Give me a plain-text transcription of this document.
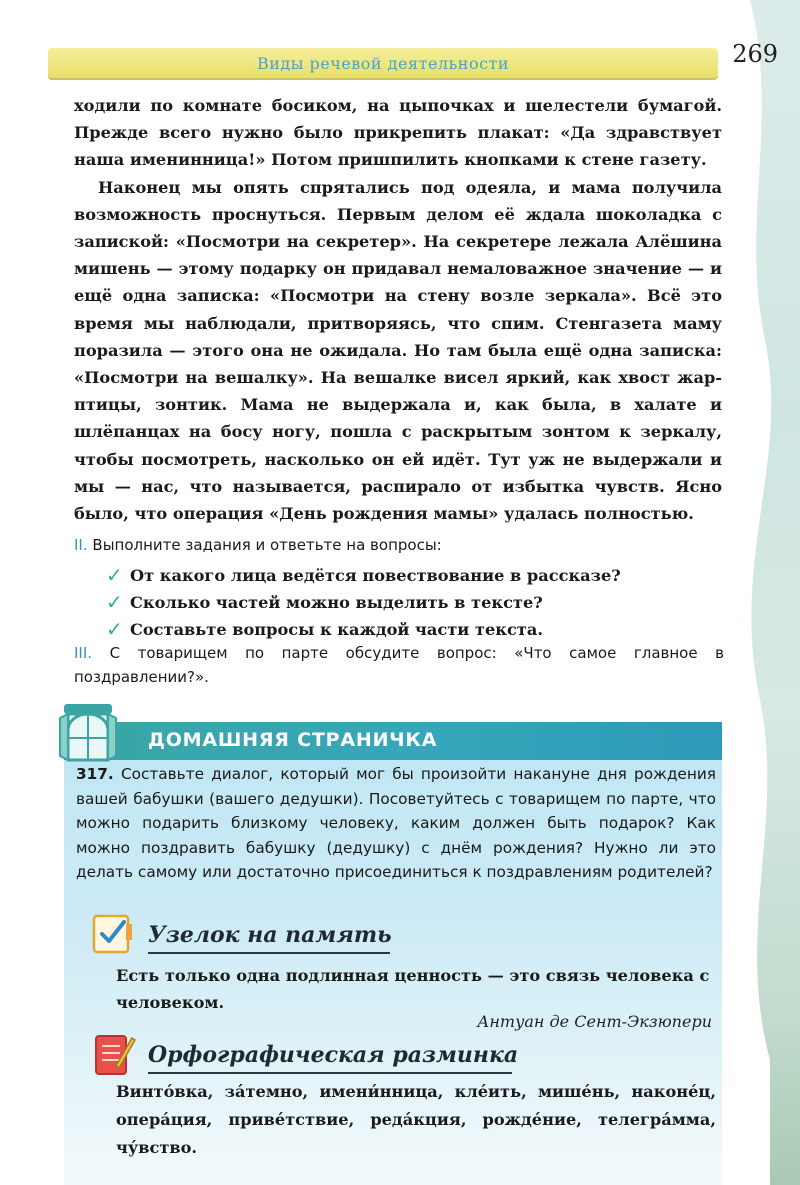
Виды речевой деятельности	269

ходили по комнате босиком, на цыпочках и шелестели бумагой. Прежде всего нужно было прикрепить плакат: «Да здравствует наша именинница!» Потом пришпилить кнопками к стене газету.

Наконец мы опять спрятались под одеяла, и мама получила возможность проснуться. Первым делом её ждала шоколадка с запиской: «Посмотри на секретер». На секретере лежала Алёшина мишень — этому подарку он придавал немаловажное значение — и ещё одна записка: «Посмотри на стену возле зеркала». Всё это время мы наблюдали, притворяясь, что спим. Стенгазета маму поразила — этого она не ожидала. Но там была ещё одна записка: «Посмотри на вешалку». На вешалке висел яркий, как хвост жар-птицы, зонтик. Мама не выдержала и, как была, в халате и шлёпанцах на босу ногу, пошла с раскрытым зонтом к зеркалу, чтобы посмотреть, насколько он ей идёт. Тут уж не выдержали и мы — нас, что называется, распирало от избытка чувств. Ясно было, что операция «День рождения мамы» удалась полностью.

II. Выполните задания и ответьте на вопросы:
✓ От какого лица ведётся повествование в рассказе?
✓ Сколько частей можно выделить в тексте?
✓ Составьте вопросы к каждой части текста.
III. С товарищем по парте обсудите вопрос: «Что самое главное в поздравлении?».
ДОМАШНЯЯ СТРАНИЧКА
317. Составьте диалог, который мог бы произойти накануне дня рождения вашей бабушки (вашего дедушки). Посоветуйтесь с товарищем по парте, что можно подарить близкому человеку, каким должен быть подарок? Как можно поздравить бабушку (дедушку) с днём рождения? Нужно ли это делать самому или достаточно присоединиться к поздравлениям родителей?
Узелок на память
Есть только одна подлинная ценность — это связь человека с человеком.
Антуан де Сент-Экзюпери
Орфографическая разминка
Винто́вка, за́темно, имени́нница, кле́ить, мише́нь, наконе́ц, опера́ция, приве́тствие, реда́кция, рожде́ние, телегра́мма, чу́вство.
